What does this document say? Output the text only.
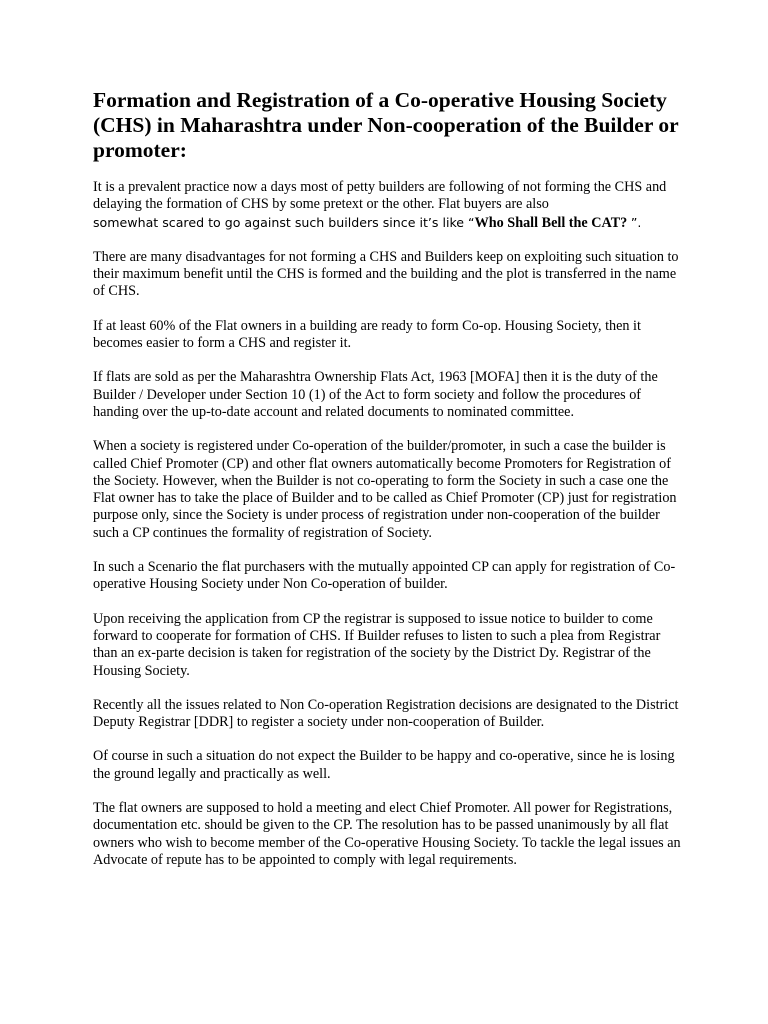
Formation and Registration of a Co-operative Housing Society (CHS) in Maharashtra under Non-cooperation of the Builder or promoter:

It is a prevalent practice now a days most of petty builders are following of not forming the CHS and delaying the formation of CHS by some pretext or the other. Flat buyers are also
somewhat scared to go against such builders since it’s like “Who Shall Bell the CAT? ”.

There are many disadvantages for not forming a CHS and Builders keep on exploiting such situation to their maximum benefit until the CHS is formed and the building and the plot is transferred in the name of CHS.

If at least 60% of the Flat owners in a building are ready to form Co-op. Housing Society, then it becomes easier to form a CHS and register it.

If flats are sold as per the Maharashtra Ownership Flats Act, 1963 [MOFA] then it is the duty of the Builder / Developer under Section 10 (1) of the Act to form society and follow the procedures of handing over the up-to-date account and related documents to nominated committee.

When a society is registered under Co-operation of the builder/promoter, in such a case the builder is called Chief Promoter (CP) and other flat owners automatically become Promoters for Registration of the Society. However, when the Builder is not co-operating to form the Society in such a case one the Flat owner has to take the place of Builder and to be called as Chief Promoter (CP) just for registration purpose only, since the Society is under process of registration under non-cooperation of the builder such a CP continues the formality of registration of Society.

In such a Scenario the flat purchasers with the mutually appointed CP can apply for registration of Co-operative Housing Society under Non Co-operation of builder.

Upon receiving the application from CP the registrar is supposed to issue notice to builder to come forward to cooperate for formation of CHS. If Builder refuses to listen to such a plea from Registrar than an ex-parte decision is taken for registration of the society by the District Dy. Registrar of the Housing Society.

Recently all the issues related to Non Co-operation Registration decisions are designated to the District Deputy Registrar [DDR] to register a society under non-cooperation of Builder.

Of course in such a situation do not expect the Builder to be happy and co-operative, since he is losing the ground legally and practically as well.

The flat owners are supposed to hold a meeting and elect Chief Promoter. All power for Registrations, documentation etc. should be given to the CP. The resolution has to be passed unanimously by all flat owners who wish to become member of the Co-operative Housing Society. To tackle the legal issues an Advocate of repute has to be appointed to comply with legal requirements.
